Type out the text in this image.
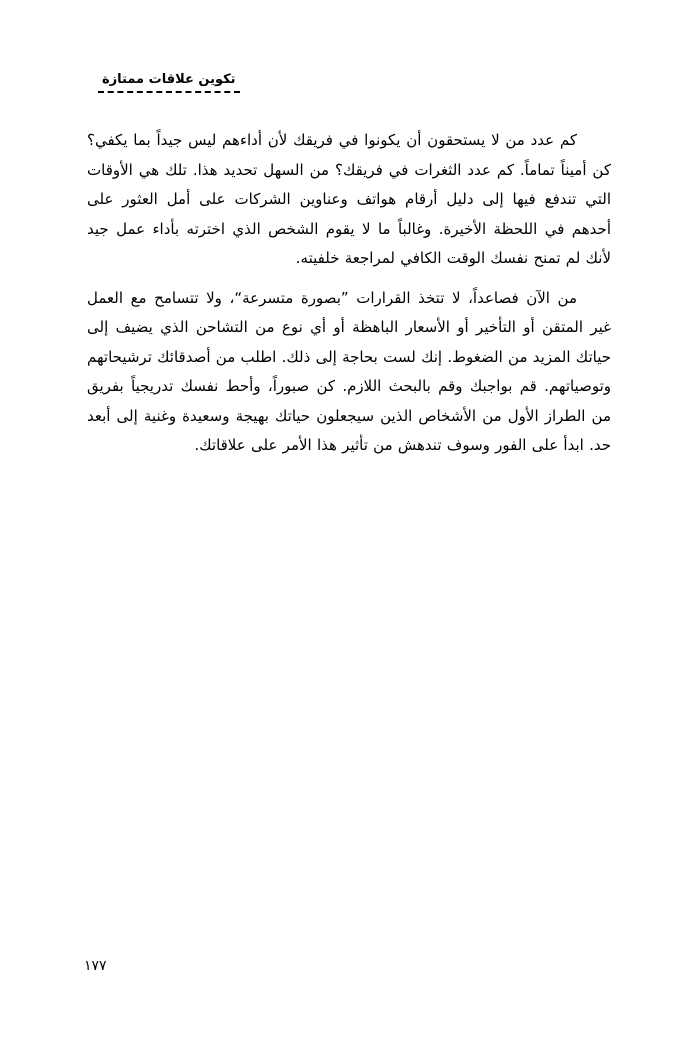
تكوين علاقات ممتازة

كم عدد من لا يستحقون أن يكونوا في فريقك لأن أداءهم ليس جيداً بما يكفي؟ كن أميناً تماماً. كم عدد الثغرات في فريقك؟ من السهل تحديد هذا. تلك هي الأوقات التي تندفع فيها إلى دليل أرقام هواتف وعناوين الشركات على أمل العثور على أحدهم في اللحظة الأخيرة. وغالباً ما لا يقوم الشخص الذي اخترته بأداء عمل جيد لأنك لم تمنح نفسك الوقت الكافي لمراجعة خلفيته.

من الآن فصاعداً، لا تتخذ القرارات ”بصورة متسرعة“، ولا تتسامح مع العمل غير المتقن أو التأخير أو الأسعار الباهظة أو أي نوع من التشاحن الذي يضيف إلى حياتك المزيد من الضغوط. إنك لست بحاجة إلى ذلك. اطلب من أصدقائك ترشيحاتهم وتوصياتهم. قم بواجبك وقم بالبحث اللازم. كن صبوراً، وأحط نفسك تدريجياً بفريق من الطراز الأول من الأشخاص الذين سيجعلون حياتك بهيجة وسعيدة وغنية إلى أبعد حد. ابدأ على الفور وسوف تندهش من تأثير هذا الأمر على علاقاتك.

١٧٧
